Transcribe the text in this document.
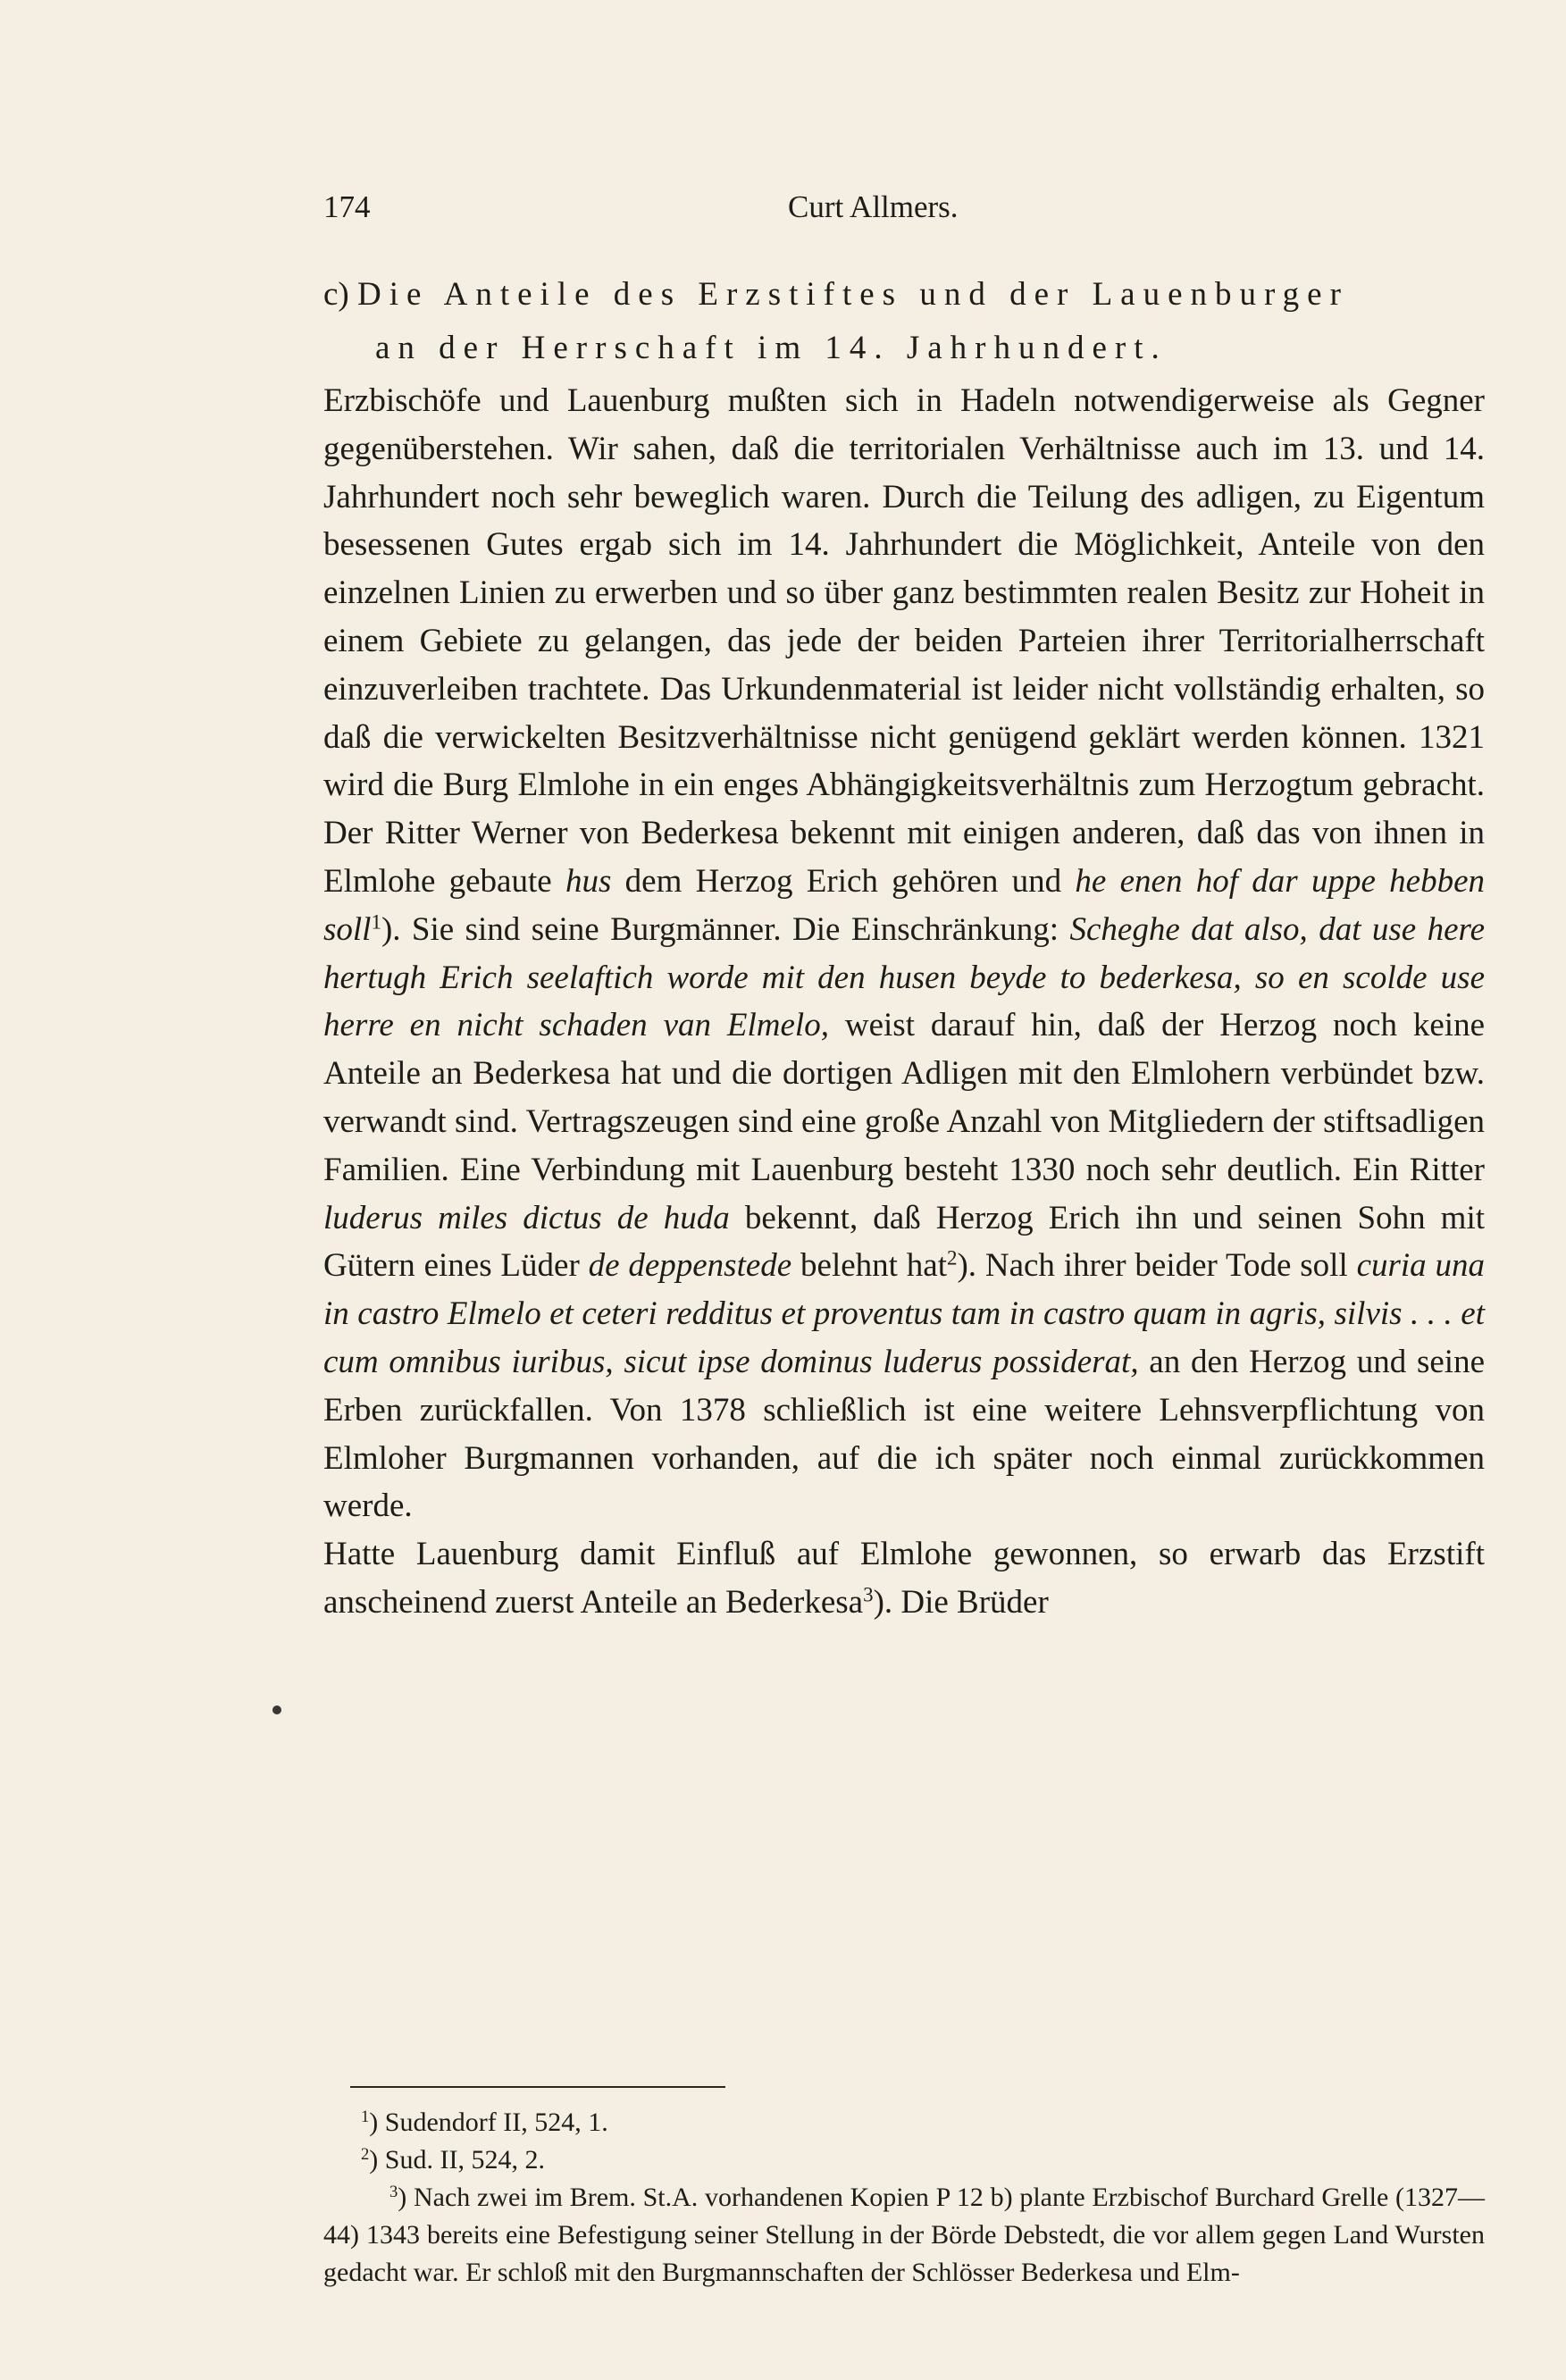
174	Curt Allmers.
c) Die Anteile des Erzstiftes und der Lauenburger
an der Herrschaft im 14. Jahrhundert.

Erzbischöfe und Lauenburg mußten sich in Hadeln notwendigerweise als Gegner gegenüberstehen. Wir sahen, daß die territorialen Verhältnisse auch im 13. und 14. Jahrhundert noch sehr beweglich waren. Durch die Teilung des adligen, zu Eigentum besessenen Gutes ergab sich im 14. Jahrhundert die Möglichkeit, Anteile von den einzelnen Linien zu erwerben und so über ganz bestimmten realen Besitz zur Hoheit in einem Gebiete zu gelangen, das jede der beiden Parteien ihrer Territorialherrschaft einzuverleiben trachtete. Das Urkundenmaterial ist leider nicht vollständig erhalten, so daß die verwickelten Besitzverhältnisse nicht genügend geklärt werden können. 1321 wird die Burg Elmlohe in ein enges Abhängigkeitsverhältnis zum Herzogtum gebracht. Der Ritter Werner von Bederkesa bekennt mit einigen anderen, daß das von ihnen in Elmlohe gebaute hus dem Herzog Erich gehören und he enen hof dar uppe hebben soll$^1$). Sie sind seine Burgmänner. Die Einschränkung: Scheghe dat also, dat use here hertugh Erich seelaftich worde mit den husen beyde to bederkesa, so en scolde use herre en nicht schaden van Elmelo, weist darauf hin, daß der Herzog noch keine Anteile an Bederkesa hat und die dortigen Adligen mit den Elmlohern verbündet bzw. verwandt sind. Vertragszeugen sind eine große Anzahl von Mitgliedern der stiftsadligen Familien. Eine Verbindung mit Lauenburg besteht 1330 noch sehr deutlich. Ein Ritter luderus miles dictus de huda bekennt, daß Herzog Erich ihn und seinen Sohn mit Gütern eines Lüder de deppenstede belehnt hat$^2$). Nach ihrer beider Tode soll curia una in castro Elmelo et ceteri redditus et proventus tam in castro quam in agris, silvis . . . et cum omnibus iuribus, sicut ipse dominus luderus possiderat, an den Herzog und seine Erben zurückfallen. Von 1378 schließlich ist eine weitere Lehnsverpflichtung von Elmloher Burgmannen vorhanden, auf die ich später noch einmal zurückkommen werde.

Hatte Lauenburg damit Einfluß auf Elmlohe gewonnen, so erwarb das Erzstift anscheinend zuerst Anteile an Bederkesa$^3$). Die Brüder

$^1$) Sudendorf II, 524, 1.

$^2$) Sud. II, 524, 2.

$^3$) Nach zwei im Brem. St.A. vorhandenen Kopien P 12 b) plante Erzbischof Burchard Grelle (1327—44) 1343 bereits eine Befestigung seiner Stellung in der Börde Debstedt, die vor allem gegen Land Wursten gedacht war. Er schloß mit den Burgmannschaften der Schlösser Bederkesa und Elm-
